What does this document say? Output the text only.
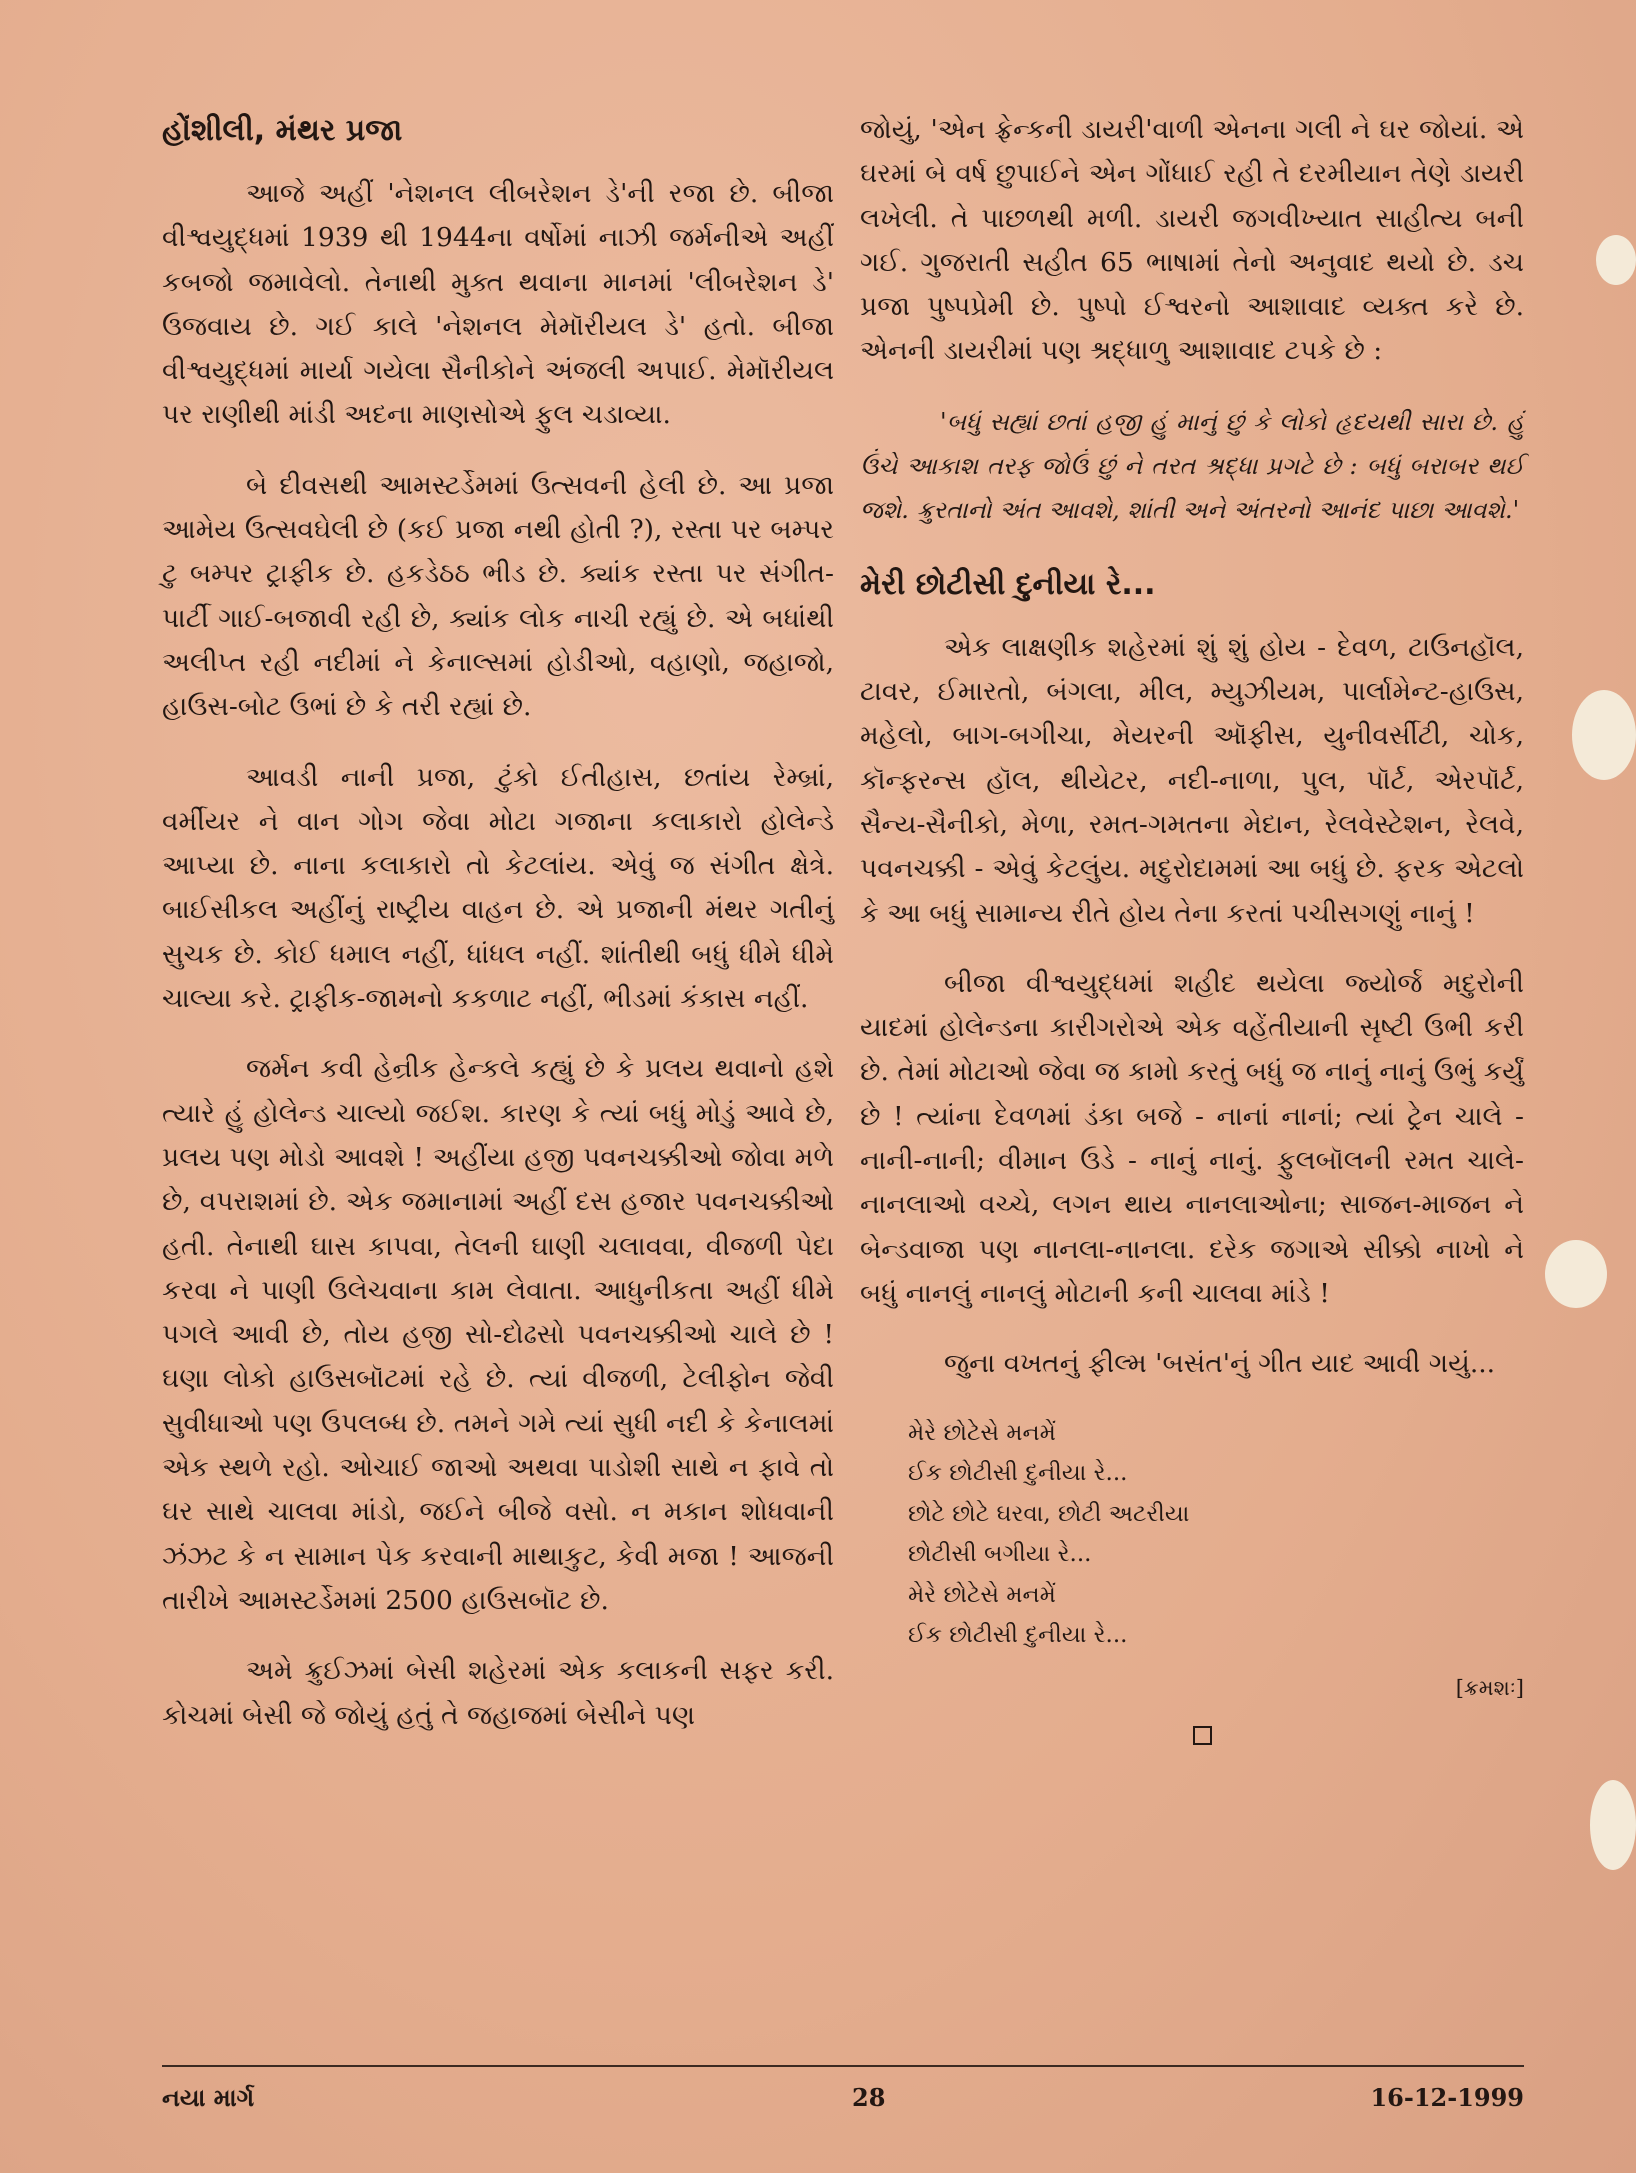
હોંશીલી, મંથર પ્રજા

આજે અહીં 'નેશનલ લીબરેશન ડે'ની રજા છે. બીજા વીશ્વયુદ્ધમાં 1939 થી 1944ના વર્ષોમાં નાઝી જર્મનીએ અહીં કબજો જમાવેલો. તેનાથી મુક્ત થવાના માનમાં 'લીબરેશન ડે' ઉજવાય છે. ગઈ કાલે 'નેશનલ મેમૉરીયલ ડે' હતો. બીજા વીશ્વયુદ્ધમાં માર્યા ગયેલા સૈનીકોને અંજલી અપાઈ. મેમૉરીયલ પર રાણીથી માંડી અદના માણસોએ ફુલ ચડાવ્યા.

બે દીવસથી આમસ્ટર્ડેમમાં ઉત્સવની હેલી છે. આ પ્રજા આમેય ઉત્સવઘેલી છે (કઈ પ્રજા નથી હોતી ?), રસ્તા પર બમ્પર ટુ બમ્પર ટ્રાફીક છે. હકડેઠઠ ભીડ છે. ક્યાંક રસ્તા પર સંગીત-પાર્ટી ગાઈ-બજાવી રહી છે, ક્યાંક લોક નાચી રહ્યું છે. એ બધાંથી અલીપ્ત રહી નદીમાં ને કેનાલ્સમાં હોડીઓ, વહાણો, જહાજો, હાઉસ-બોટ ઉભાં છે કે તરી રહ્યાં છે.

આવડી નાની પ્રજા, ટુંકો ઈતીહાસ, છતાંય રેમ્બ્રાં, વર્મીયર ને વાન ગોગ જેવા મોટા ગજાના કલાકારો હોલેન્ડે આપ્યા છે. નાના કલાકારો તો કેટલાંય. એવું જ સંગીત ક્ષેત્રે. બાઈસીકલ અહીંનું રાષ્ટ્રીય વાહન છે. એ પ્રજાની મંથર ગતીનું સુચક છે. કોઈ ધમાલ નહીં, ધાંધલ નહીં. શાંતીથી બધું ધીમે ધીમે ચાલ્યા કરે. ટ્રાફીક-જામનો કકળાટ નહીં, ભીડમાં કંકાસ નહીં.

જર્મન કવી હેન્રીક હેન્કલે કહ્યું છે કે પ્રલય થવાનો હશે ત્યારે હું હોલેન્ડ ચાલ્યો જઈશ. કારણ કે ત્યાં બધું મોડું આવે છે, પ્રલય પણ મોડો આવશે ! અહીંયા હજી પવનચક્કીઓ જોવા મળે છે, વપરાશમાં છે. એક જમાનામાં અહીં દસ હજાર પવનચક્કીઓ હતી. તેનાથી ઘાસ કાપવા, તેલની ઘાણી ચલાવવા, વીજળી પેદા કરવા ને પાણી ઉલેચવાના કામ લેવાતા. આધુનીકતા અહીં ધીમે પગલે આવી છે, તોય હજી સો-દોઢસો પવનચક્કીઓ ચાલે છે ! ઘણા લોકો હાઉસબૉટમાં રહે છે. ત્યાં વીજળી, ટેલીફોન જેવી સુવીધાઓ પણ ઉપલબ્ધ છે. તમને ગમે ત્યાં સુધી નદી કે કેનાલમાં એક સ્થળે રહો. ઓચાઈ જાઓ અથવા પાડોશી સાથે ન ફાવે તો ઘર સાથે ચાલવા માંડો, જઈને બીજે વસો. ન મકાન શોધવાની ઝંઝટ કે ન સામાન પેક કરવાની માથાકુટ, કેવી મજા ! આજની તારીખે આમસ્ટર્ડેમમાં 2500 હાઉસબૉટ છે.

અમે ક્રુઈઝમાં બેસી શહેરમાં એક કલાકની સફર કરી. કોચમાં બેસી જે જોયું હતું તે જહાજમાં બેસીને પણ

જોયું, 'એન ફ્રેન્કની ડાયરી'વાળી એનના ગલી ને ઘર જોયાં. એ ઘરમાં બે વર્ષ છુપાઈને એન ગોંધાઈ રહી તે દરમીયાન તેણે ડાયરી લખેલી. તે પાછળથી મળી. ડાયરી જગવીખ્યાત સાહીત્ય બની ગઈ. ગુજરાતી સહીત 65 ભાષામાં તેનો અનુવાદ થયો છે. ડચ પ્રજા પુષ્પપ્રેમી છે. પુષ્પો ઈશ્વરનો આશાવાદ વ્યક્ત કરે છે. એનની ડાયરીમાં પણ શ્રદ્ધાળુ આશાવાદ ટપકે છે :

'બધું સહ્યાં છતાં હજી હું માનું છું કે લોકો હૃદયથી સારા છે. હું ઉંચે આકાશ તરફ જોઉં છું ને તરત શ્રદ્ધા પ્રગટે છે : બધું બરાબર થઈ જશે. ક્રુરતાનો અંત આવશે, શાંતી અને અંતરનો આનંદ પાછા આવશે.'
મેરી છોટીસી દુનીયા રે...

એક લાક્ષણીક શહેરમાં શું શું હોય - દેવળ, ટાઉનહૉલ, ટાવર, ઈમારતો, બંગલા, મીલ, મ્યુઝીયમ, પાર્લામેન્ટ-હાઉસ, મહેલો, બાગ-બગીચા, મેયરની ઑફીસ, યુનીવર્સીટી, ચોક, કૉન્ફરન્સ હૉલ, થીયેટર, નદી-નાળા, પુલ, પૉર્ટ, એરપૉર્ટ, સૈન્ય-સૈનીકો, મેળા, રમત-ગમતના મેદાન, રેલવેસ્ટેશન, રેલવે, પવનચક્કી - એવું કેટલુંય. મદુરોદામમાં આ બધું છે. ફરક એટલો કે આ બધું સામાન્ય રીતે હોય તેના કરતાં પચીસગણું નાનું !

બીજા વીશ્વયુદ્ધમાં શહીદ થયેલા જ્યોર્જ મદુરોની યાદમાં હોલેન્ડના કારીગરોએ એક વહેંતીયાની સૃષ્ટી ઉભી કરી છે. તેમાં મોટાઓ જેવા જ કામો કરતું બધું જ નાનું નાનું ઉભું કર્યું છે ! ત્યાંના દેવળમાં ડંકા બજે - નાનાં નાનાં; ત્યાં ટ્રેન ચાલે - નાની-નાની; વીમાન ઉડે - નાનું નાનું. ફુલબૉલની રમત ચાલે-નાનલાઓ વચ્ચે, લગન થાય નાનલાઓના; સાજન-માજન ને બેન્ડવાજા પણ નાનલા-નાનલા. દરેક જગાએ સીક્કો નાખો ને બધું નાનલું નાનલું મોટાની કની ચાલવા માંડે !

જુના વખતનું ફીલ્મ 'બસંત'નું ગીત યાદ આવી ગયું...

મેરે છોટેસે મનમેં
ઈક છોટીસી દુનીયા રે...
છોટે છોટે ઘરવા, છોટી અટરીયા
છોટીસી બગીયા રે...
મેરે છોટેસે મનમેં
ઈક છોટીસી દુનીયા રે...
[ક્રમશઃ]
નયા માર્ગ	28	16-12-1999
